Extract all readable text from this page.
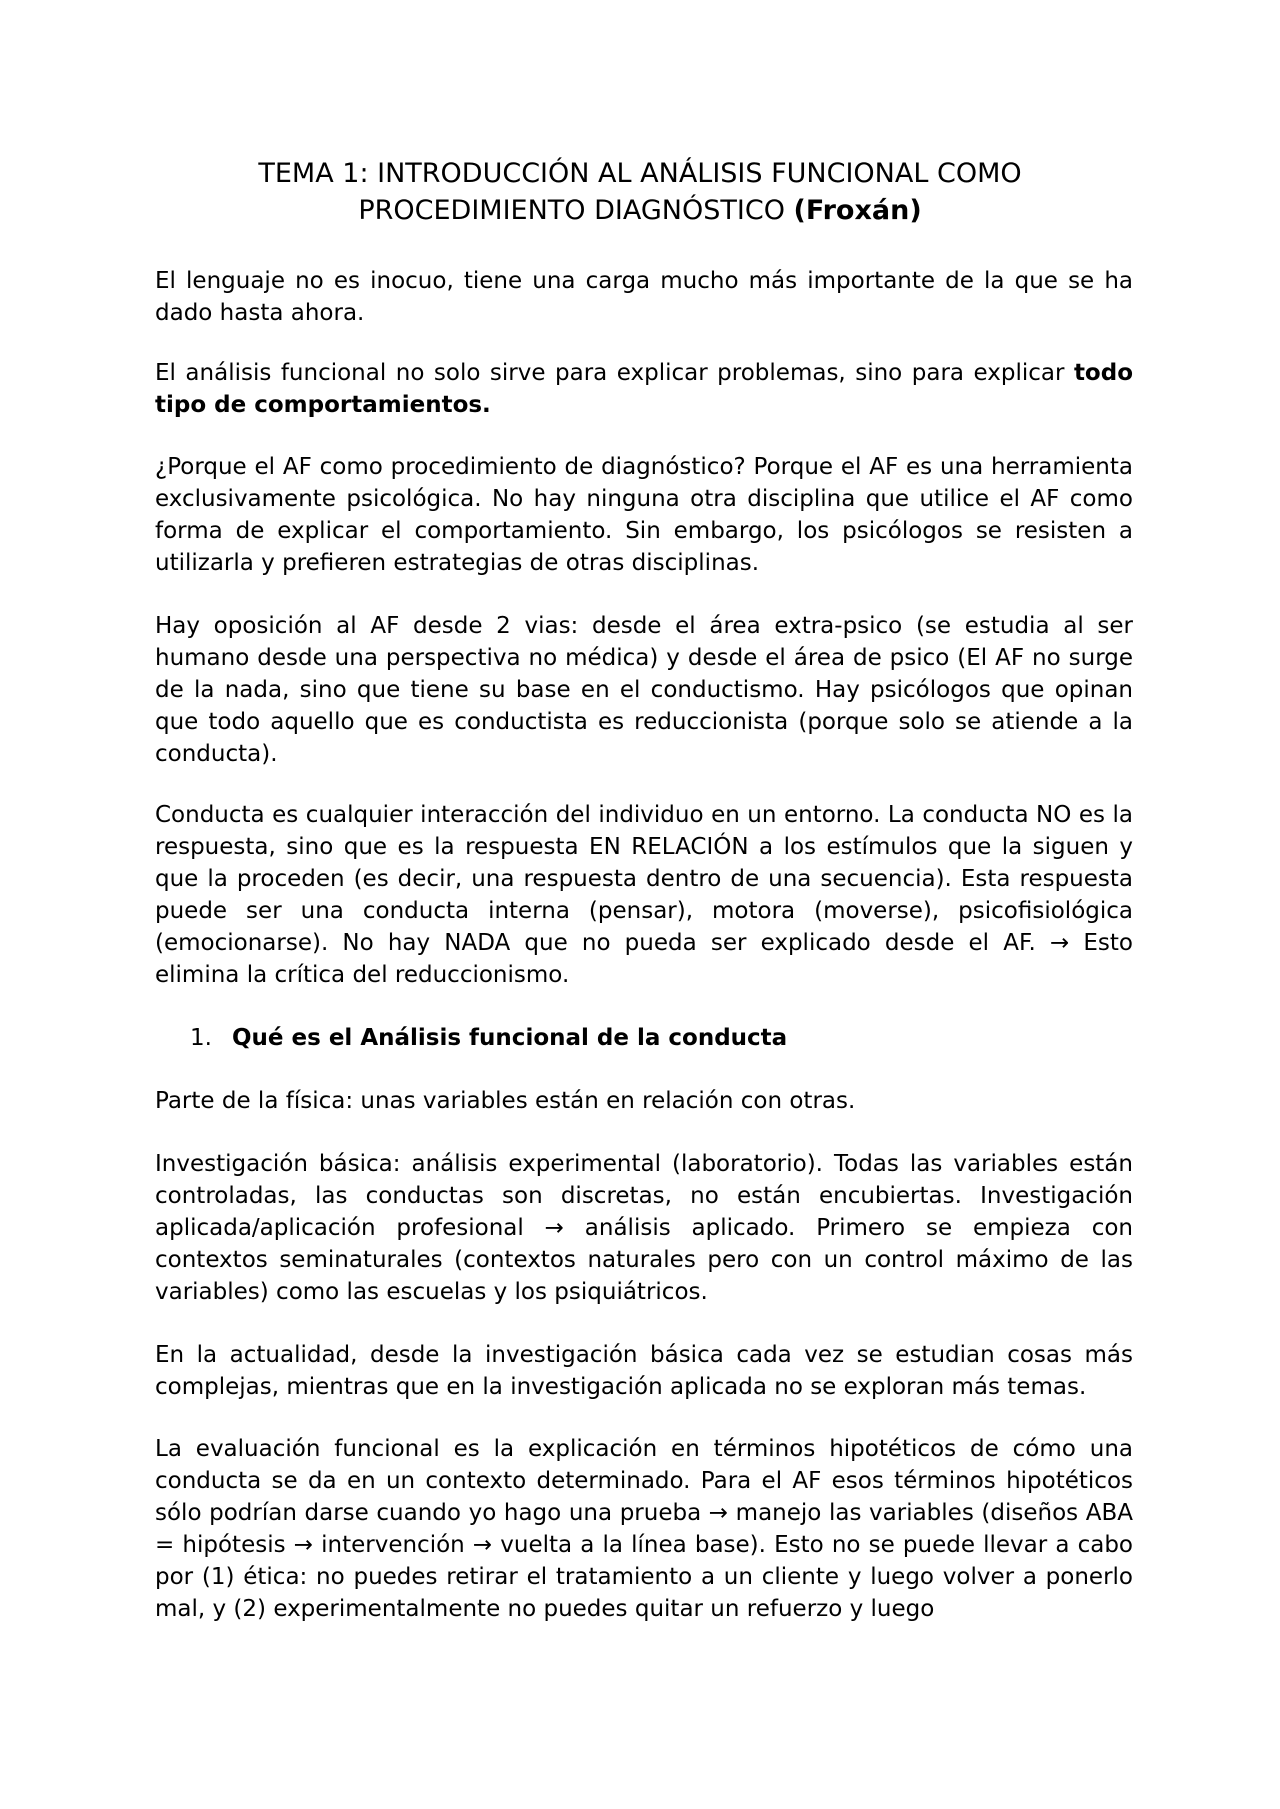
TEMA 1: INTRODUCCIÓN AL ANÁLISIS FUNCIONAL COMO
PROCEDIMIENTO DIAGNÓSTICO (Froxán)

El lenguaje no es inocuo, tiene una carga mucho más importante de la que se ha dado hasta ahora.

El análisis funcional no solo sirve para explicar problemas, sino para explicar todo tipo de comportamientos.

¿Porque el AF como procedimiento de diagnóstico? Porque el AF es una herramienta exclusivamente psicológica. No hay ninguna otra disciplina que utilice el AF como forma de explicar el comportamiento. Sin embargo, los psicólogos se resisten a utilizarla y prefieren estrategias de otras disciplinas.

Hay oposición al AF desde 2 vias: desde el área extra-psico (se estudia al ser humano desde una perspectiva no médica) y desde el área de psico (El AF no surge de la nada, sino que tiene su base en el conductismo. Hay psicólogos que opinan que todo aquello que es conductista es reduccionista (porque solo se atiende a la conducta).

Conducta es cualquier interacción del individuo en un entorno. La conducta NO es la respuesta, sino que es la respuesta EN RELACIÓN a los estímulos que la siguen y que la proceden (es decir, una respuesta dentro de una secuencia). Esta respuesta puede ser una conducta interna (pensar), motora (moverse), psicofisiológica (emocionarse). No hay NADA que no pueda ser explicado desde el AF. → Esto elimina la crítica del reduccionismo.

1. Qué es el Análisis funcional de la conducta

Parte de la física: unas variables están en relación con otras.

Investigación básica: análisis experimental (laboratorio). Todas las variables están controladas, las conductas son discretas, no están encubiertas. Investigación aplicada/aplicación profesional → análisis aplicado. Primero se empieza con contextos seminaturales (contextos naturales pero con un control máximo de las variables) como las escuelas y los psiquiátricos.

En la actualidad, desde la investigación básica cada vez se estudian cosas más complejas, mientras que en la investigación aplicada no se exploran más temas.

La evaluación funcional es la explicación en términos hipotéticos de cómo una conducta se da en un contexto determinado. Para el AF esos términos hipotéticos sólo podrían darse cuando yo hago una prueba → manejo las variables (diseños ABA = hipótesis → intervención → vuelta a la línea base). Esto no se puede llevar a cabo por (1) ética: no puedes retirar el tratamiento a un cliente y luego volver a ponerlo mal, y (2) experimentalmente no puedes quitar un refuerzo y luego
